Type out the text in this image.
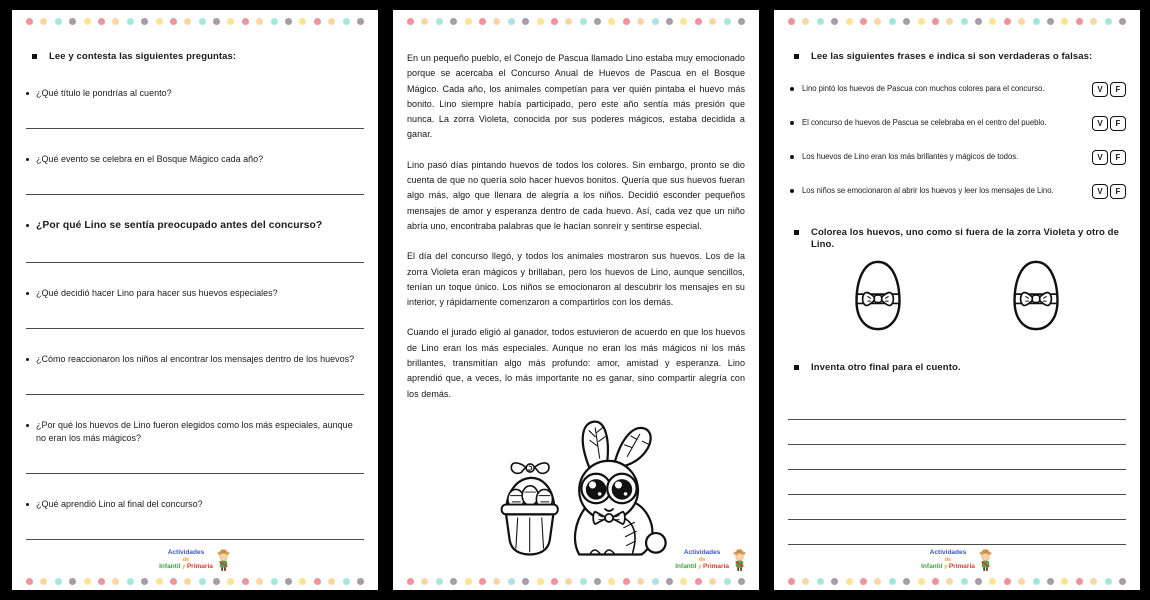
Lee y contesta las siguientes preguntas:
¿Qué título le pondrías al cuento?
¿Qué evento se celebra en el Bosque Mágico cada año?
¿Por qué Lino se sentía preocupado antes del concurso?
¿Qué decidió hacer Lino para hacer sus huevos especiales?
¿Cómo reaccionaron los niños al encontrar los mensajes dentro de los huevos?
¿Por qué los huevos de Lino fueron elegidos como los más especiales, aunque no eran los más mágicos?
¿Qué aprendió Lino al final del concurso?
Actividades
de
Infantil y Primaria

En un pequeño pueblo, el Conejo de Pascua llamado Lino estaba muy emocionado porque se acercaba el Concurso Anual de Huevos de Pascua en el Bosque Mágico. Cada año, los animales competían para ver quién pintaba el huevo más bonito. Lino siempre había participado, pero este año sentía más presión que nunca. La zorra Violeta, conocida por sus poderes mágicos, estaba decidida a ganar.

Lino pasó días pintando huevos de todos los colores. Sin embargo, pronto se dio cuenta de que no quería solo hacer huevos bonitos. Quería que sus huevos fueran algo más, algo que llenara de alegría a los niños. Decidió esconder pequeños mensajes de amor y esperanza dentro de cada huevo. Así, cada vez que un niño abría uno, encontraba palabras que le hacían sonreír y sentirse especial.

El día del concurso llegó, y todos los animales mostraron sus huevos. Los de la zorra Violeta eran mágicos y brillaban, pero los huevos de Lino, aunque sencillos, tenían un toque único. Los niños se emocionaron al descubrir los mensajes en su interior, y rápidamente comenzaron a compartirlos con los demás.

Cuando el jurado eligió al ganador, todos estuvieron de acuerdo en que los huevos de Lino eran los más especiales. Aunque no eran los más mágicos ni los más brillantes, transmitían algo más profundo: amor, amistad y esperanza. Lino aprendió que, a veces, lo más importante no es ganar, sino compartir alegría con los demás.

Actividades
de
Infantil y Primaria
Lee las siguientes frases e indica si son verdaderas o falsas:
Lino pintó los huevos de Pascua con muchos colores para el concurso.	V	F
El concurso de huevos de Pascua se celebraba en el centro del pueblo.	V	F
Los huevos de Lino eran los más brillantes y mágicos de todos.	V	F
Los niños se emocionaron al abrir los huevos y leer los mensajes de Lino.	V	F
Colorea los huevos, uno como si fuera de la zorra Violeta y otro de Lino.
Inventa otro final para el cuento.
Actividades
de
Infantil y Primaria
